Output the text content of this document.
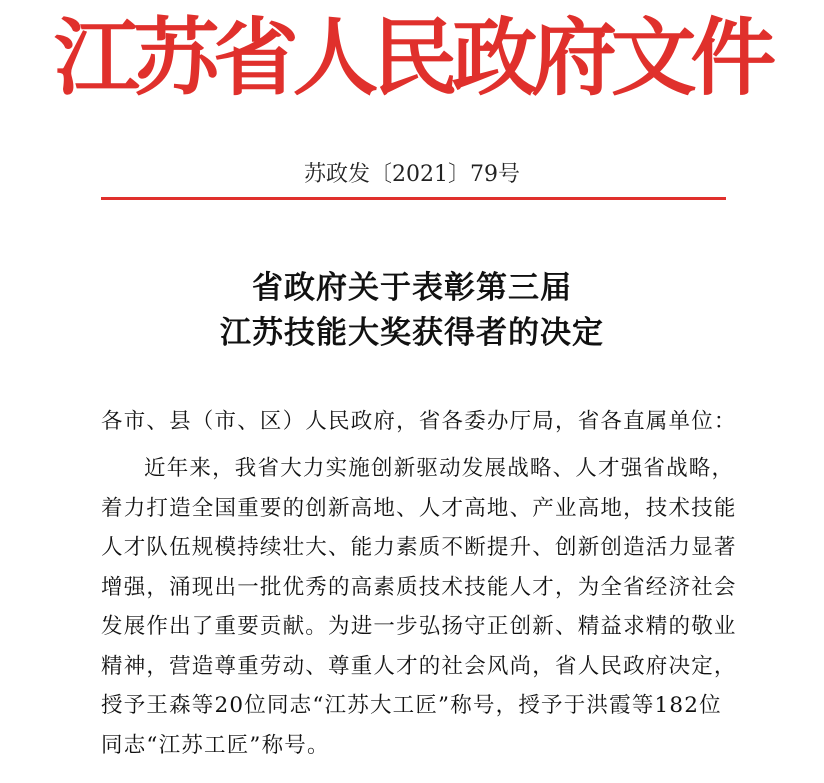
江苏省人民政府文件
苏政发〔2021〕79号
省政府关于表彰第三届
江苏技能大奖获得者的决定
各市、县（市、区）人民政府，省各委办厅局，省各直属单位：
近年来，我省大力实施创新驱动发展战略、人才强省战略，
着力打造全国重要的创新高地、人才高地、产业高地，技术技能
人才队伍规模持续壮大、能力素质不断提升、创新创造活力显著
增强，涌现出一批优秀的高素质技术技能人才，为全省经济社会
发展作出了重要贡献。为进一步弘扬守正创新、精益求精的敬业
精神，营造尊重劳动、尊重人才的社会风尚，省人民政府决定，
授予王森等20位同志“江苏大工匠”称号，授予于洪霞等182位
同志“江苏工匠”称号。
